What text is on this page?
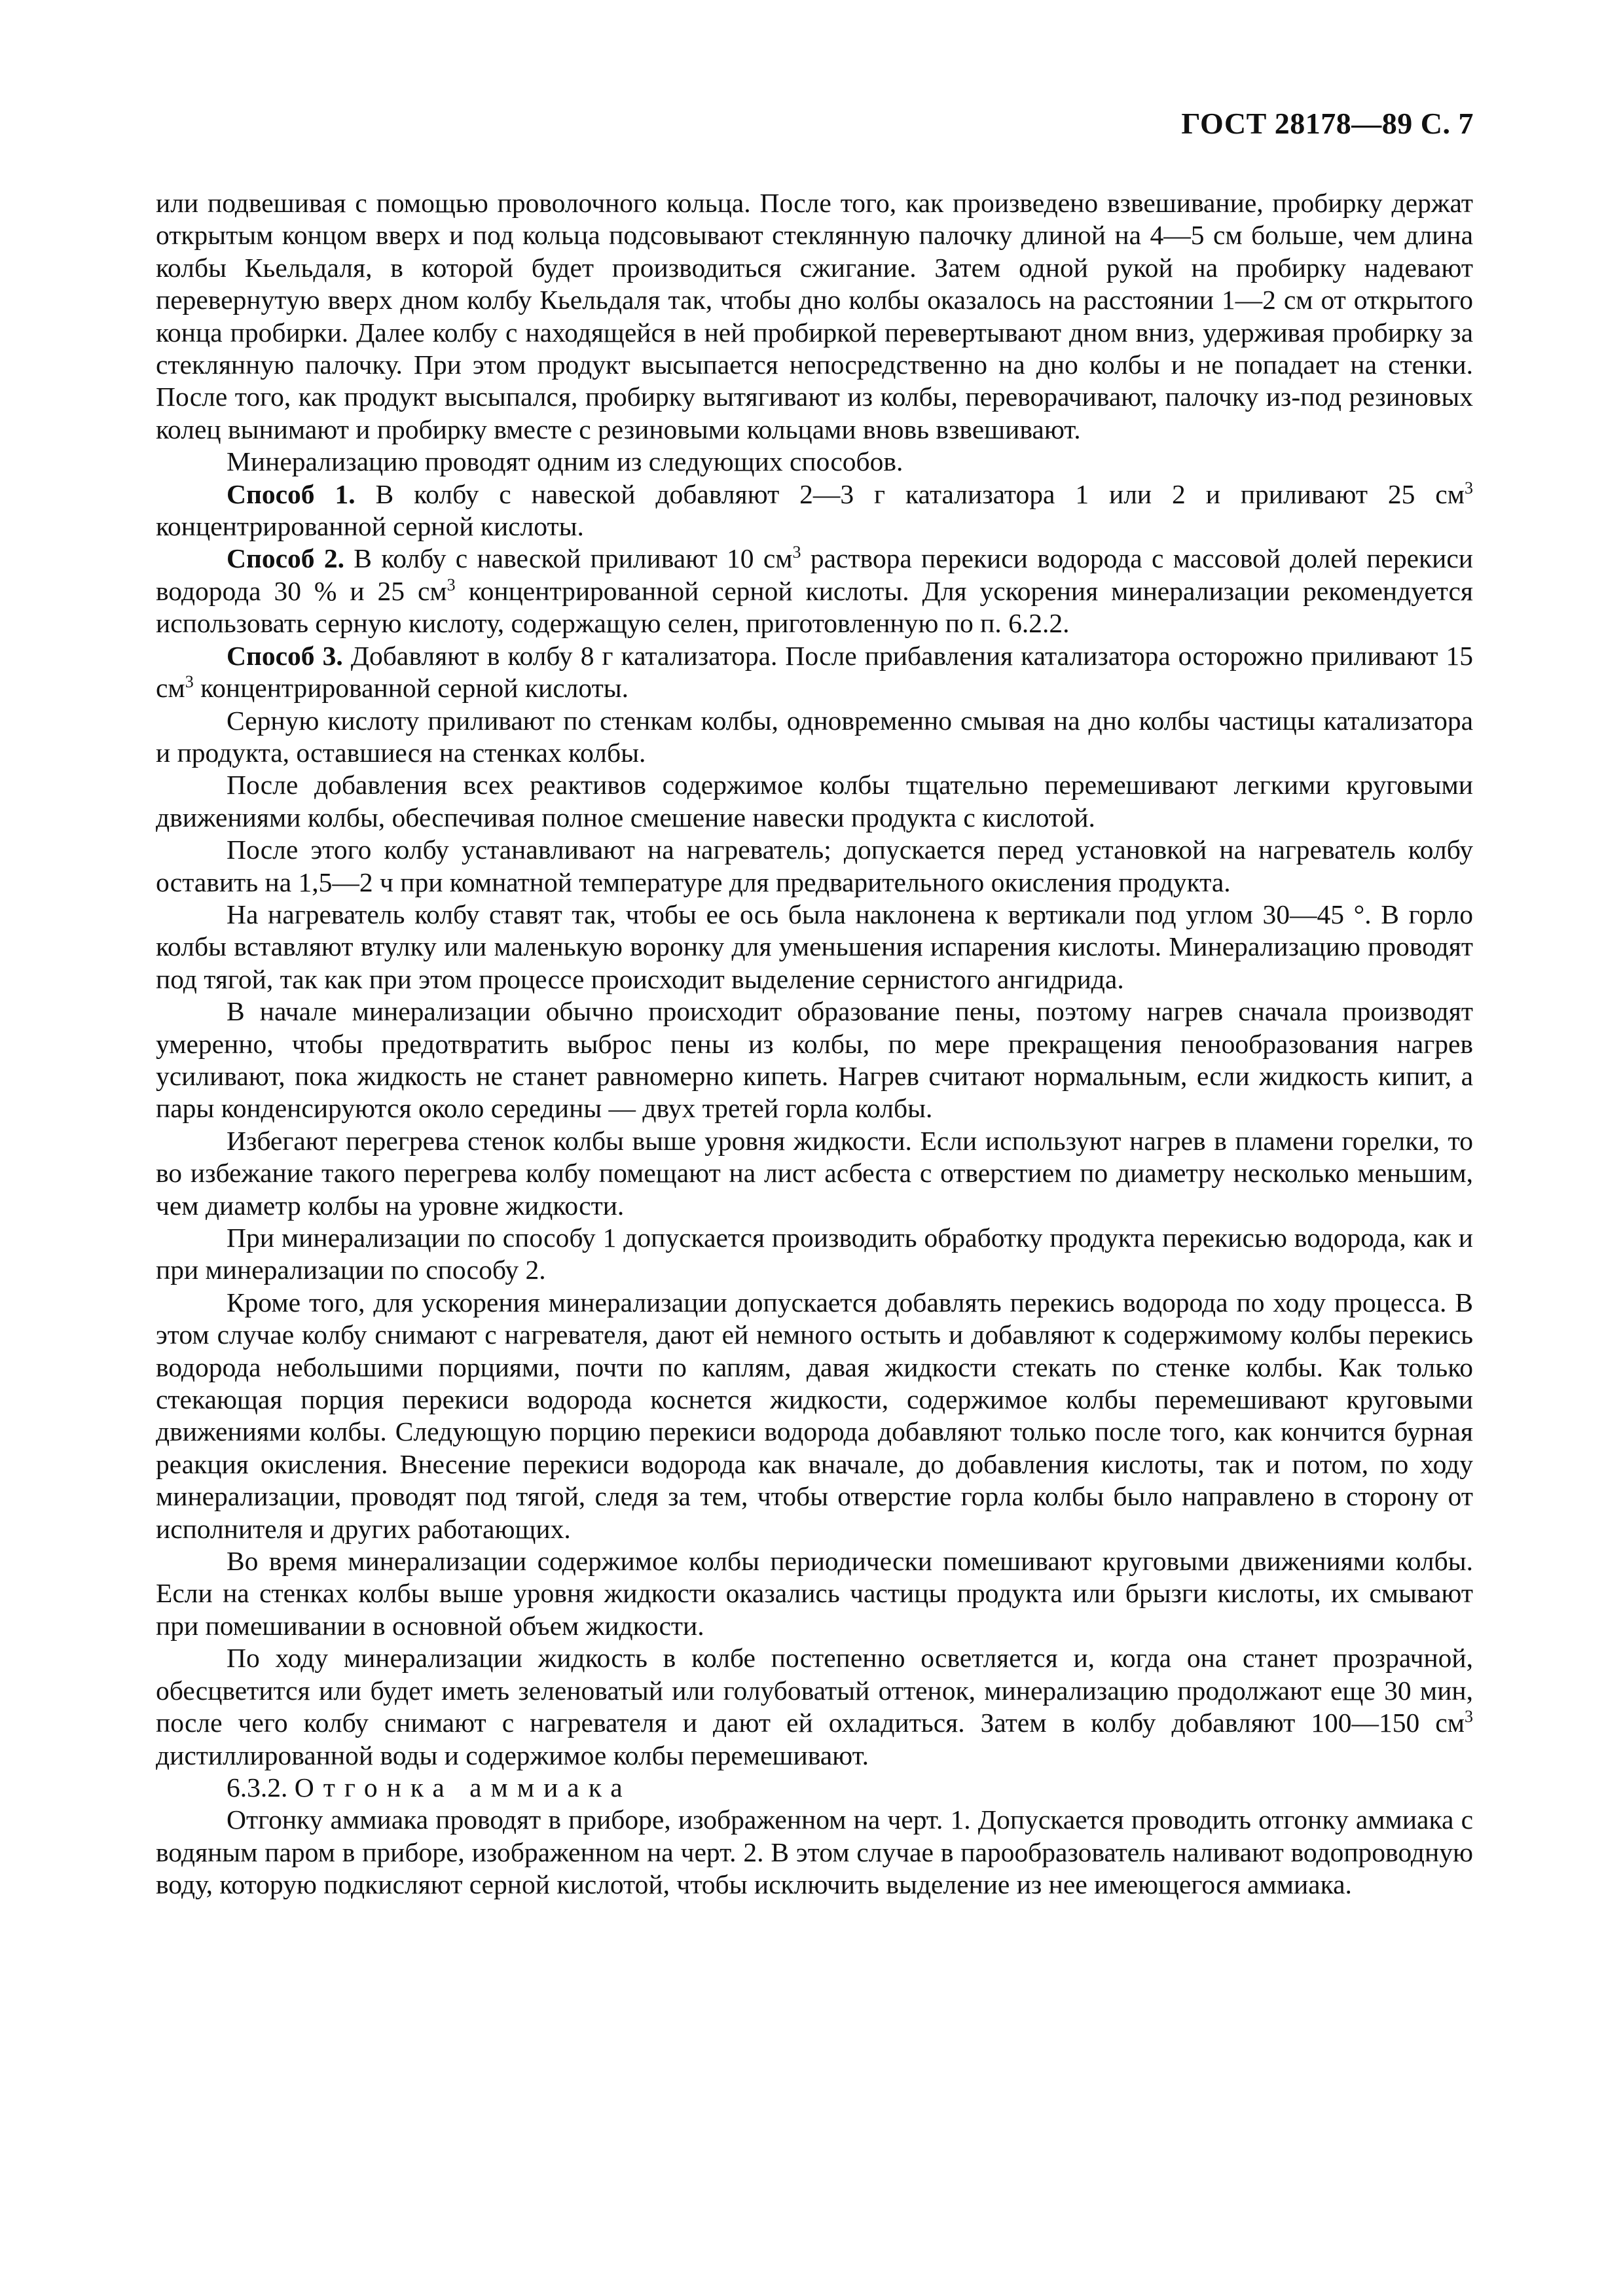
ГОСТ 28178—89 С. 7

или подвешивая с помощью проволочного кольца. После того, как произведено взвешивание, пробирку держат открытым концом вверх и под кольца подсовывают стеклянную палочку длиной на 4—5 см больше, чем длина колбы Кьельдаля, в которой будет производиться сжигание. Затем одной рукой на пробирку надевают перевернутую вверх дном колбу Кьельдаля так, чтобы дно колбы оказалось на расстоянии 1—2 см от открытого конца пробирки. Далее колбу с находящейся в ней пробиркой перевертывают дном вниз, удерживая пробирку за стеклянную палочку. При этом продукт высыпается непосредственно на дно колбы и не попадает на стенки. После того, как продукт высыпался, пробирку вытягивают из колбы, переворачивают, палочку из-под резиновых колец вынимают и пробирку вместе с резиновыми кольцами вновь взвешивают.

Минерализацию проводят одним из следующих способов.

Способ 1. В колбу с навеской добавляют 2—3 г катализатора 1 или 2 и приливают 25 $см^3$ концентрированной серной кислоты.

Способ 2. В колбу с навеской приливают 10 $см^3$ раствора перекиси водорода с массовой долей перекиси водорода 30 % и 25 $см^3$ концентрированной серной кислоты. Для ускорения минерализации рекомендуется использовать серную кислоту, содержащую селен, приготовленную по п. 6.2.2.

Способ 3. Добавляют в колбу 8 г катализатора. После прибавления катализатора осторожно приливают 15 $см^3$ концентрированной серной кислоты.

Серную кислоту приливают по стенкам колбы, одновременно смывая на дно колбы частицы катализатора и продукта, оставшиеся на стенках колбы.

После добавления всех реактивов содержимое колбы тщательно перемешивают легкими круговыми движениями колбы, обеспечивая полное смешение навески продукта с кислотой.

После этого колбу устанавливают на нагреватель; допускается перед установкой на нагреватель колбу оставить на 1,5—2 ч при комнатной температуре для предварительного окисления продукта.

На нагреватель колбу ставят так, чтобы ее ось была наклонена к вертикали под углом 30—45 °. В горло колбы вставляют втулку или маленькую воронку для уменьшения испарения кислоты. Минерализацию проводят под тягой, так как при этом процессе происходит выделение сернистого ангидрида.

В начале минерализации обычно происходит образование пены, поэтому нагрев сначала производят умеренно, чтобы предотвратить выброс пены из колбы, по мере прекращения пенообразования нагрев усиливают, пока жидкость не станет равномерно кипеть. Нагрев считают нормальным, если жидкость кипит, а пары конденсируются около середины — двух третей горла колбы.

Избегают перегрева стенок колбы выше уровня жидкости. Если используют нагрев в пламени горелки, то во избежание такого перегрева колбу помещают на лист асбеста с отверстием по диаметру несколько меньшим, чем диаметр колбы на уровне жидкости.

При минерализации по способу 1 допускается производить обработку продукта перекисью водорода, как и при минерализации по способу 2.

Кроме того, для ускорения минерализации допускается добавлять перекись водорода по ходу процесса. В этом случае колбу снимают с нагревателя, дают ей немного остыть и добавляют к содержимому колбы перекись водорода небольшими порциями, почти по каплям, давая жидкости стекать по стенке колбы. Как только стекающая порция перекиси водорода коснется жидкости, содержимое колбы перемешивают круговыми движениями колбы. Следующую порцию перекиси водорода добавляют только после того, как кончится бурная реакция окисления. Внесение перекиси водорода как вначале, до добавления кислоты, так и потом, по ходу минерализации, проводят под тягой, следя за тем, чтобы отверстие горла колбы было направлено в сторону от исполнителя и других работающих.

Во время минерализации содержимое колбы периодически помешивают круговыми движениями колбы. Если на стенках колбы выше уровня жидкости оказались частицы продукта или брызги кислоты, их смывают при помешивании в основной объем жидкости.

По ходу минерализации жидкость в колбе постепенно осветляется и, когда она станет прозрачной, обесцветится или будет иметь зеленоватый или голубоватый оттенок, минерализацию продолжают еще 30 мин, после чего колбу снимают с нагревателя и дают ей охладиться. Затем в колбу добавляют 100—150 $см^3$ дистиллированной воды и содержимое колбы перемешивают.

6.3.2. Отгонка аммиака

Отгонку аммиака проводят в приборе, изображенном на черт. 1. Допускается проводить отгонку аммиака с водяным паром в приборе, изображенном на черт. 2. В этом случае в парообразователь наливают водопроводную воду, которую подкисляют серной кислотой, чтобы исключить выделение из нее имеющегося аммиака.
